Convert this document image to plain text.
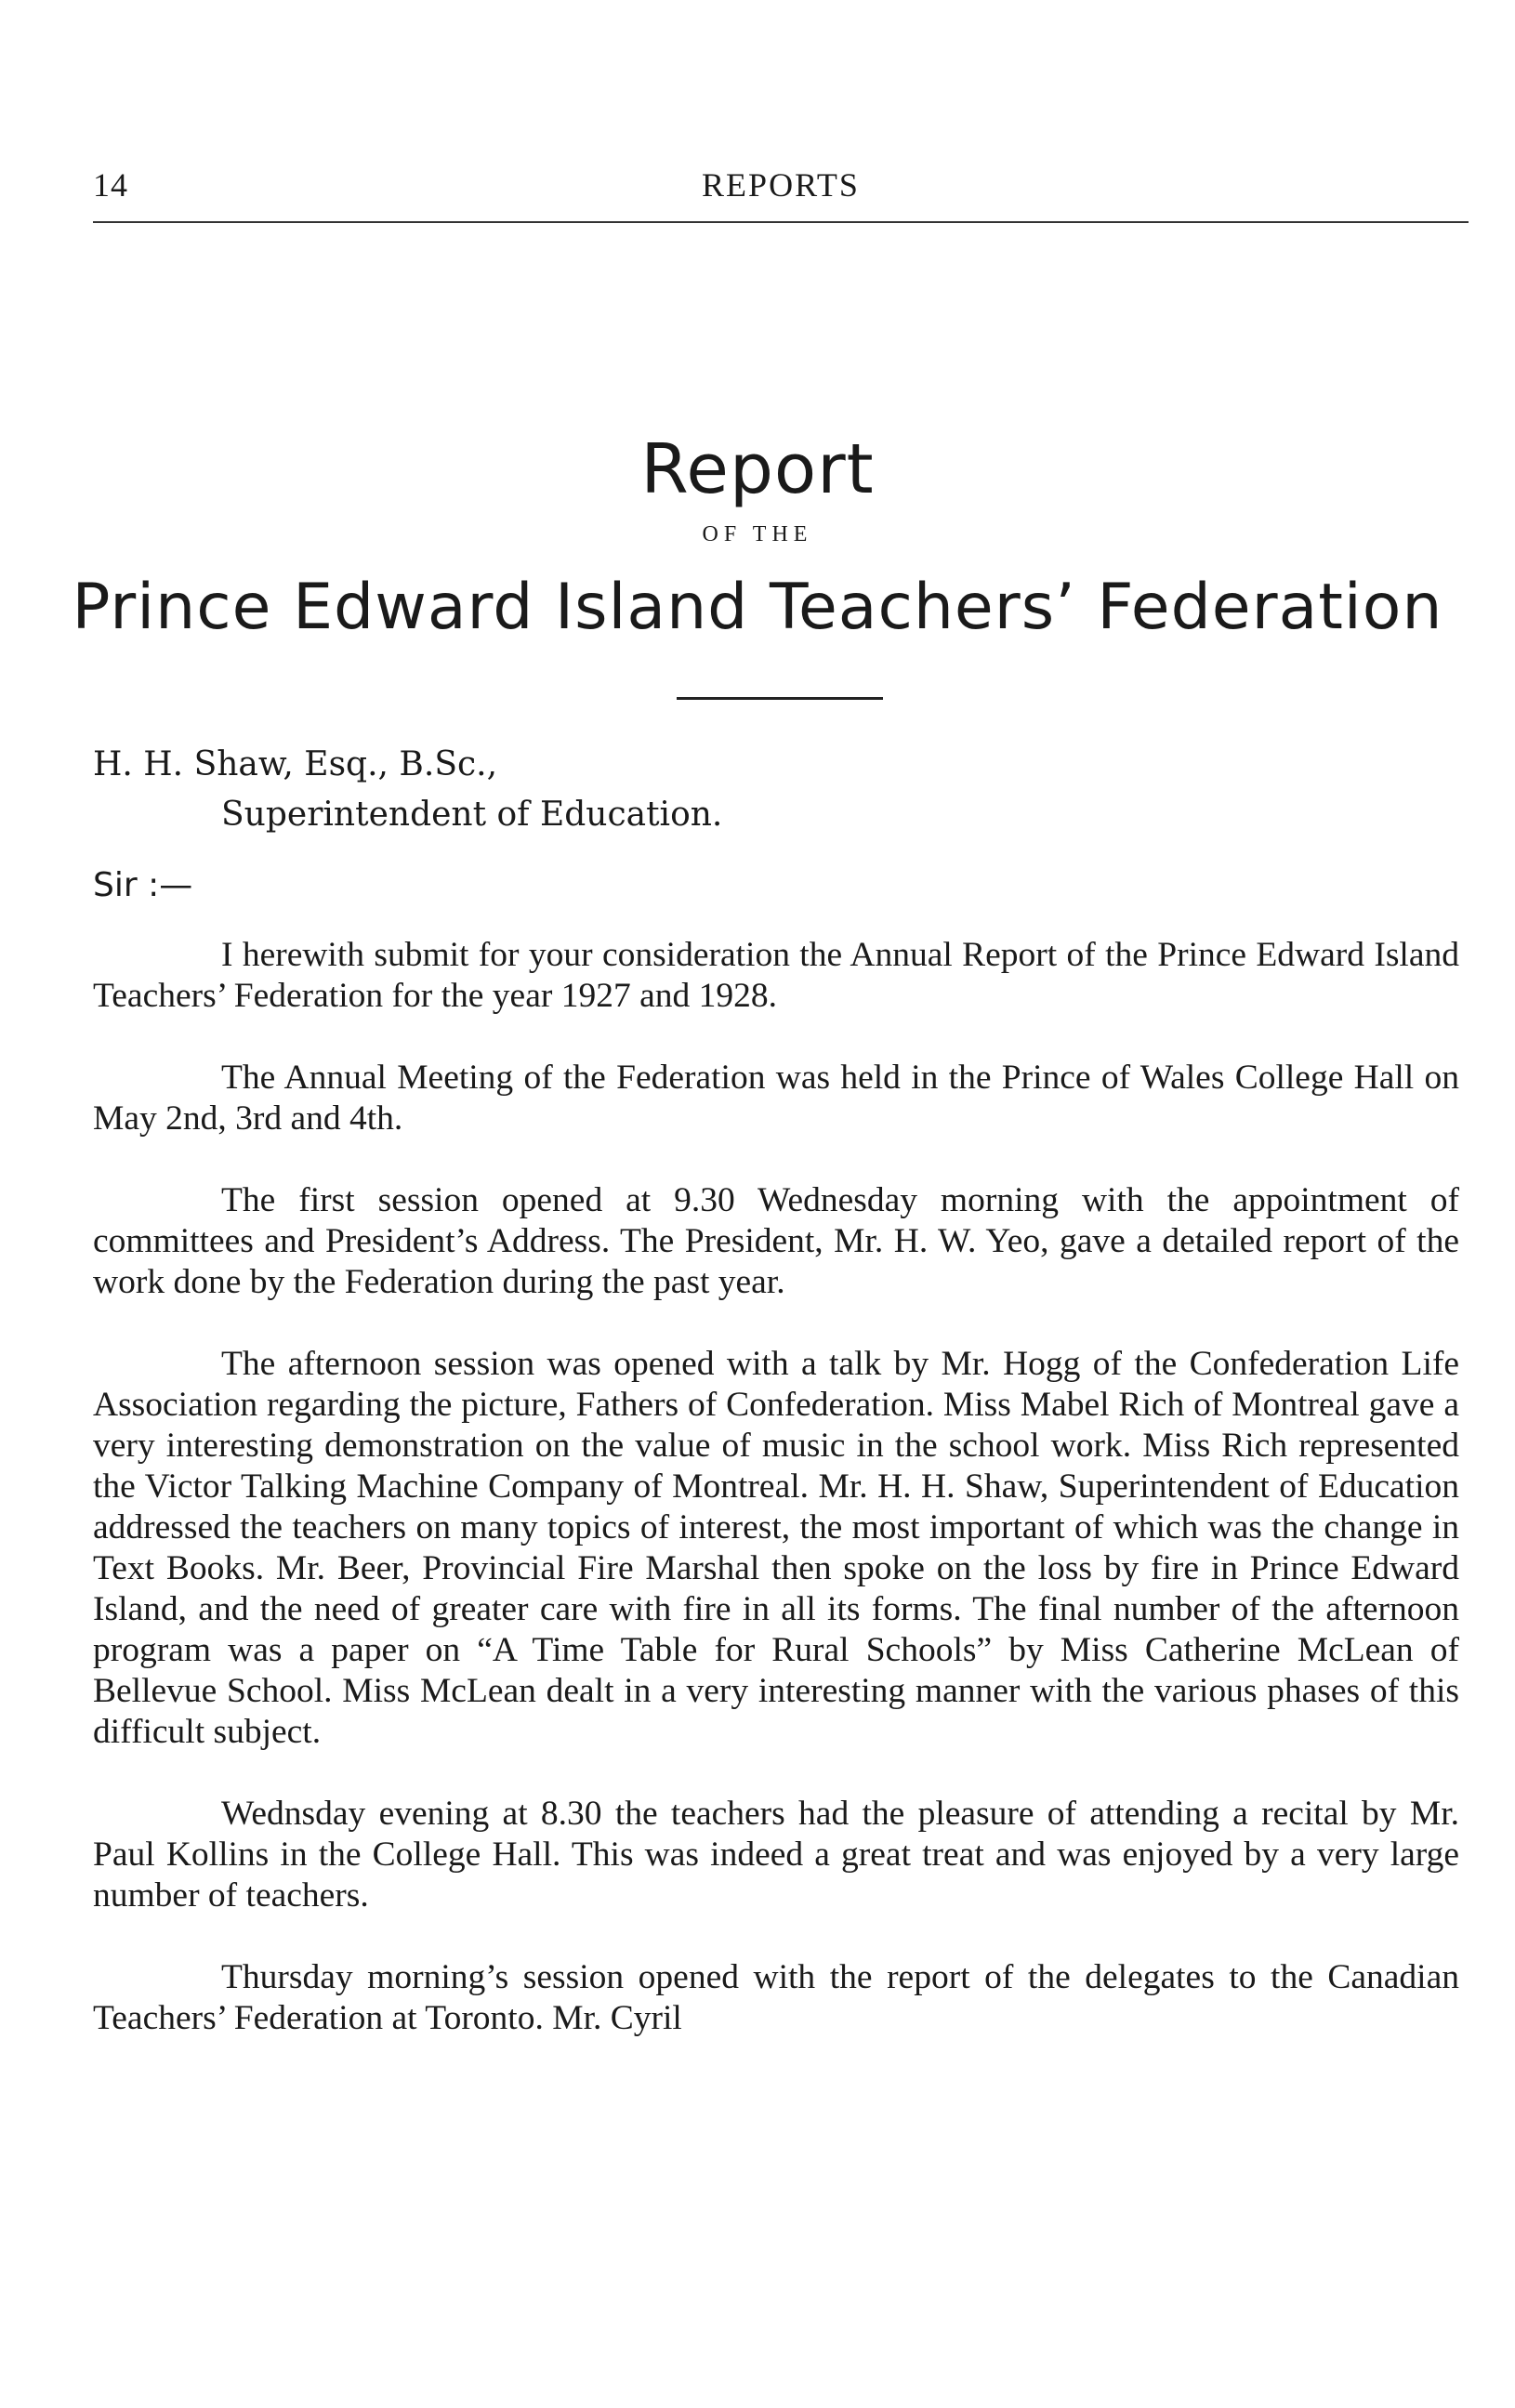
14	REPORTS
Report
OF THE
Prince Edward Island Teachers’ Federation
H. H. Shaw, Esq., B.Sc.,
Superintendent of Education.
Sir :—

I herewith submit for your consideration the Annual Report of the Prince Edward Island Teachers’ Federation for the year 1927 and 1928.

The Annual Meeting of the Federation was held in the Prince of Wales College Hall on May 2nd, 3rd and 4th.

The first session opened at 9.30 Wednesday morning with the appointment of committees and President’s Address. The President, Mr. H. W. Yeo, gave a detailed report of the work done by the Federation during the past year.

The afternoon session was opened with a talk by Mr. Hogg of the Confederation Life Association regarding the picture, Fathers of Confederation. Miss Mabel Rich of Montreal gave a very interesting demonstration on the value of music in the school work. Miss Rich represented the Victor Talking Machine Company of Montreal. Mr. H. H. Shaw, Superintendent of Education addressed the teachers on many topics of interest, the most important of which was the change in Text Books. Mr. Beer, Provincial Fire Marshal then spoke on the loss by fire in Prince Edward Island, and the need of greater care with fire in all its forms. The final number of the afternoon program was a paper on “A Time Table for Rural Schools” by Miss Catherine McLean of Bellevue School. Miss McLean dealt in a very interesting manner with the various phases of this difficult subject.

Wednsday evening at 8.30 the teachers had the pleasure of attending a recital by Mr. Paul Kollins in the College Hall. This was indeed a great treat and was enjoyed by a very large number of teachers.

Thursday morning’s session opened with the report of the delegates to the Canadian Teachers’ Federation at Toronto. Mr. Cyril
